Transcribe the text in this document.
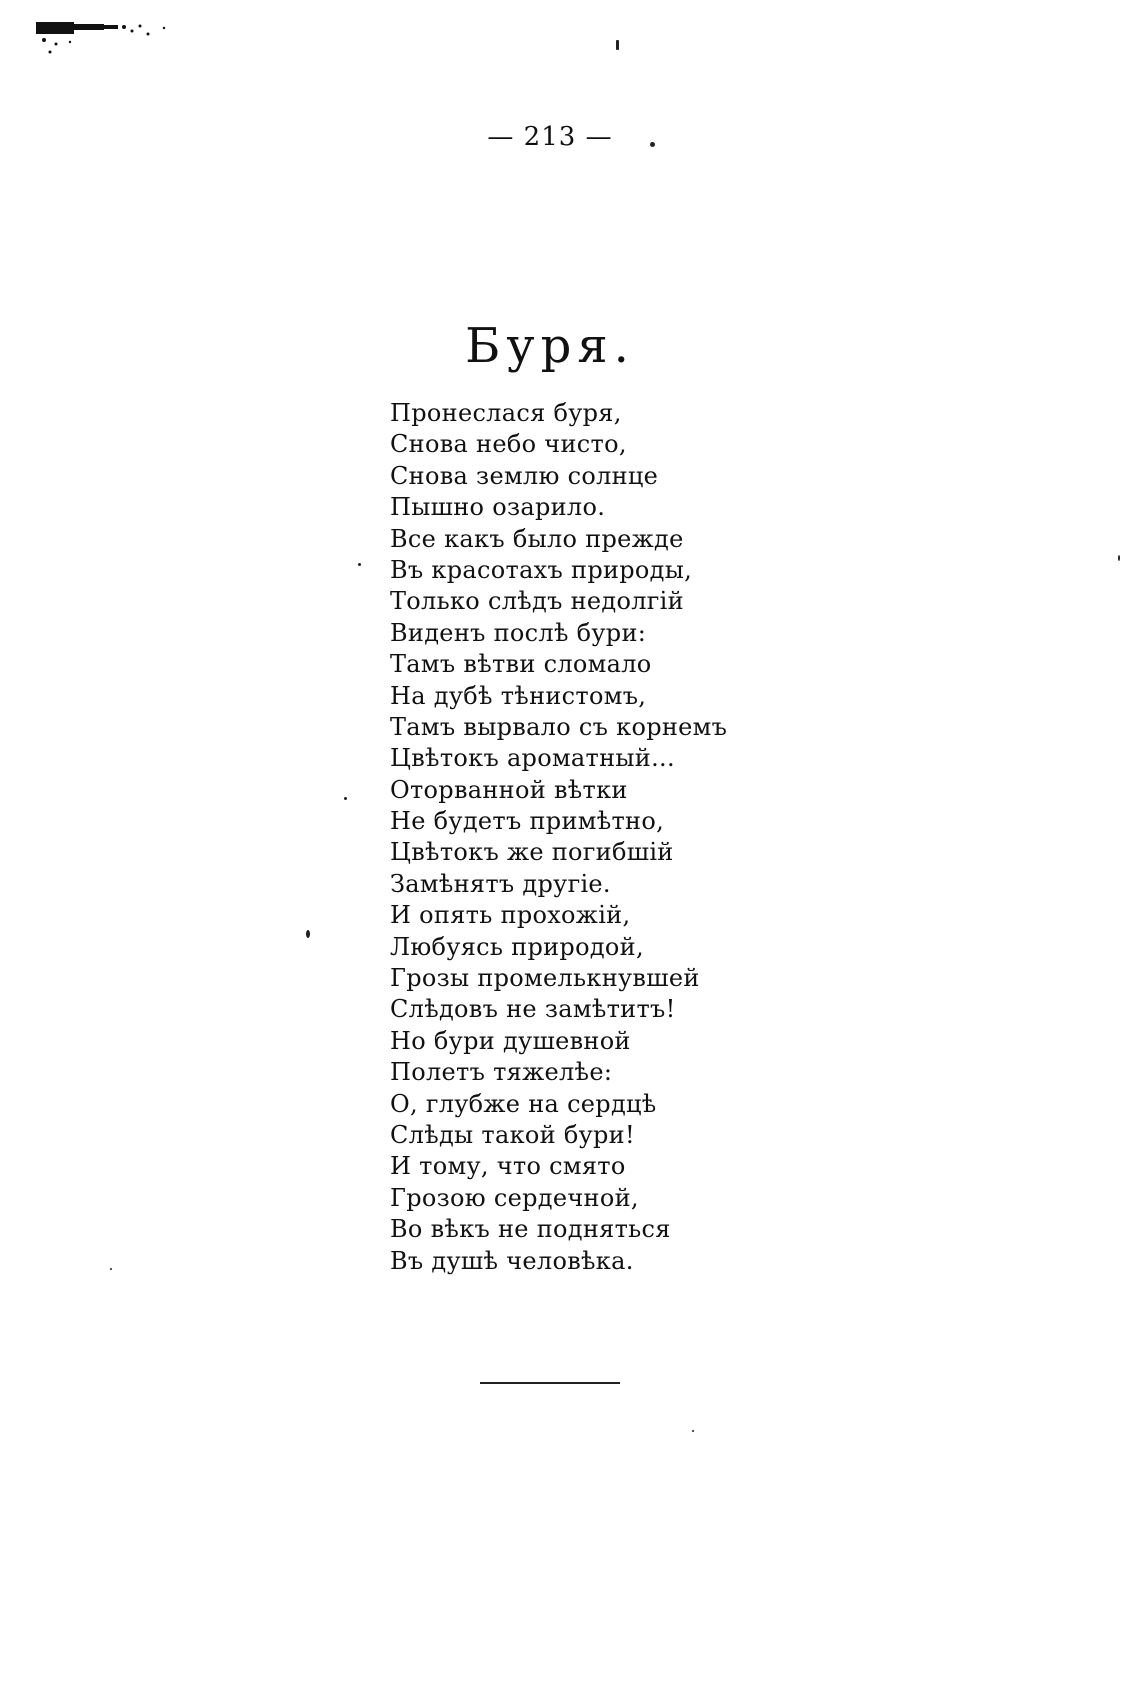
— 213 —
Буря.
Пронеслася буря,
Снова небо чисто,
Снова землю солнце
Пышно озарило.
Все какъ было прежде
Въ красотахъ природы,
Только слѣдъ недолгій
Виденъ послѣ бури:
Тамъ вѣтви сломало
На дубѣ тѣнистомъ,
Тамъ вырвало съ корнемъ
Цвѣтокъ ароматный...
Оторванной вѣтки
Не будетъ примѣтно,
Цвѣтокъ же погибшій
Замѣнятъ другіе.
И опять прохожій,
Любуясь природой,
Грозы промелькнувшей
Слѣдовъ не замѣтитъ!
Но бури душевной
Полетъ тяжелѣе:
О, глубже на сердцѣ
Слѣды такой бури!
И тому, что смято
Грозою сердечной,
Во вѣкъ не подняться
Въ душѣ человѣка.
